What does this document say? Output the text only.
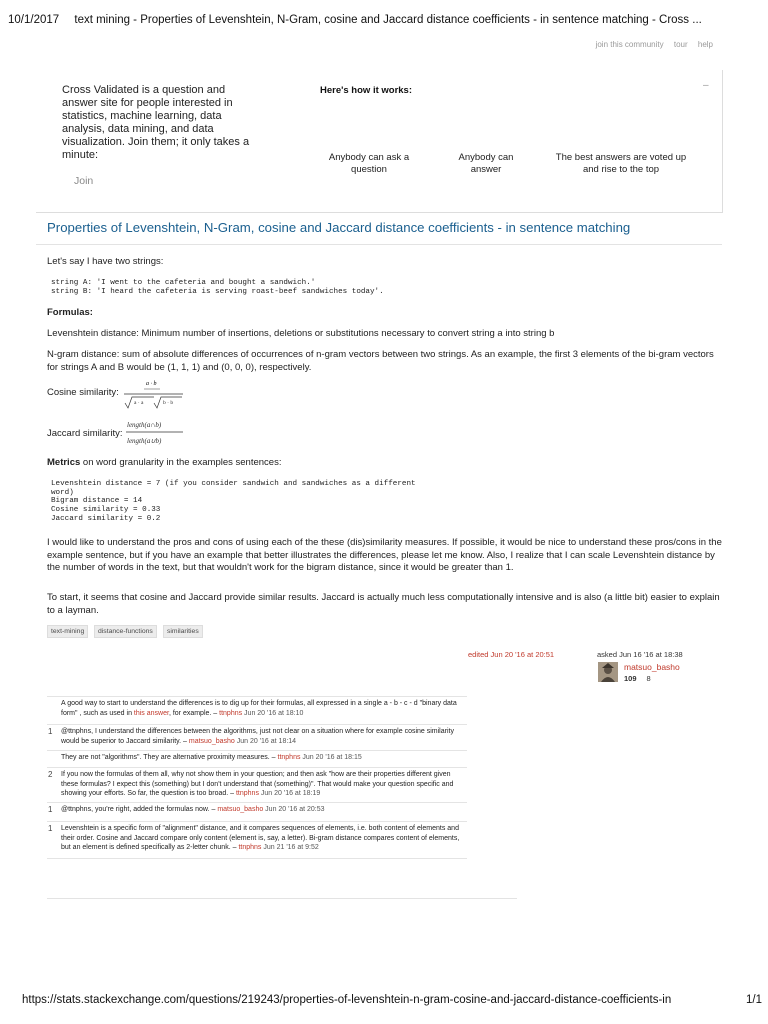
10/1/2017 text mining - Properties of Levenshtein, N-Gram, cosine and Jaccard distance coefficients - in sentence matching - Cross ...
join this community tour help
Cross Validated is a question and answer site for people interested in statistics, machine learning, data analysis, data mining, and data visualization. Join them; it only takes a minute:
Join
Here's how it works:	–
Anybody can ask a question
Anybody can answer
The best answers are voted up and rise to the top
Properties of Levenshtein, N-Gram, cosine and Jaccard distance coefficients - in sentence matching
Let's say I have two strings:
string A: 'I went to the cafeteria and bought a sandwich.'
string B: 'I heard the cafeteria is serving roast-beef sandwiches today'.
Formulas:
Levenshtein distance: Minimum number of insertions, deletions or substitutions necessary to convert string a into string b
N-gram distance: sum of absolute differences of occurrences of n-gram vectors between two strings. As an example, the first 3 elements of the bi-gram vectors for strings A and B would be (1, 1, 1) and (0, 0, 0), respectively.
Cosine similarity:
a · b
a · a	b · b
Jaccard similarity:
length(a∩b)
length(a∪b)
Metrics on word granularity in the examples sentences:
Levenshtein distance = 7 (if you consider sandwich and sandwiches as a different
word)
Bigram distance = 14
Cosine similarity = 0.33
Jaccard similarity = 0.2
I would like to understand the pros and cons of using each of the these (dis)similarity measures. If possible, it would be nice to understand these pros/cons in the example sentence, but if you have an example that better illustrates the differences, please let me know. Also, I realize that I can scale Levenshtein distance by the number of words in the text, but that wouldn't work for the bigram distance, since it would be greater than 1.
To start, it seems that cosine and Jaccard provide similar results. Jaccard is actually much less computationally intensive and is also (a little bit) easier to explain to a layman.
text-mining	distance-functions	similarities
edited Jun 20 '16 at 20:51	asked Jun 16 '16 at 18:38
matsuo_basho
109 8
A good way to start to understand the differences is to dig up for their formulas, all expressed in a single a - b - c - d "binary data form" , such as used in this answer, for example. – ttnphns Jun 20 '16 at 18:10
1 @ttnphns, I understand the differences between the algorithms, just not clear on a situation where for example cosine similarity would be superior to Jaccard similarity. – matsuo_basho Jun 20 '16 at 18:14
They are not "algorithms". They are alternative proximity measures. – ttnphns Jun 20 '16 at 18:15
2 If you now the formulas of them all, why not show them in your question; and then ask "how are their properties different given these formulas? I expect this (something) but I don't understand that (something)". That would make your question specific and showing your efforts. So far, the question is too broad. – ttnphns Jun 20 '16 at 18:19
1 @ttnphns, you're right, added the formulas now. – matsuo_basho Jun 20 '16 at 20:53
1 Levenshtein is a specific form of "alignment" distance, and it compares sequences of elements, i.e. both content of elements and their order. Cosine and Jaccard compare only content (element is, say, a letter). Bi-gram distance compares content of elements, but an element is defined specifically as 2-letter chunk. – ttnphns Jun 21 '16 at 9:52
https://stats.stackexchange.com/questions/219243/properties-of-levenshtein-n-gram-cosine-and-jaccard-distance-coefficients-in	1/1
